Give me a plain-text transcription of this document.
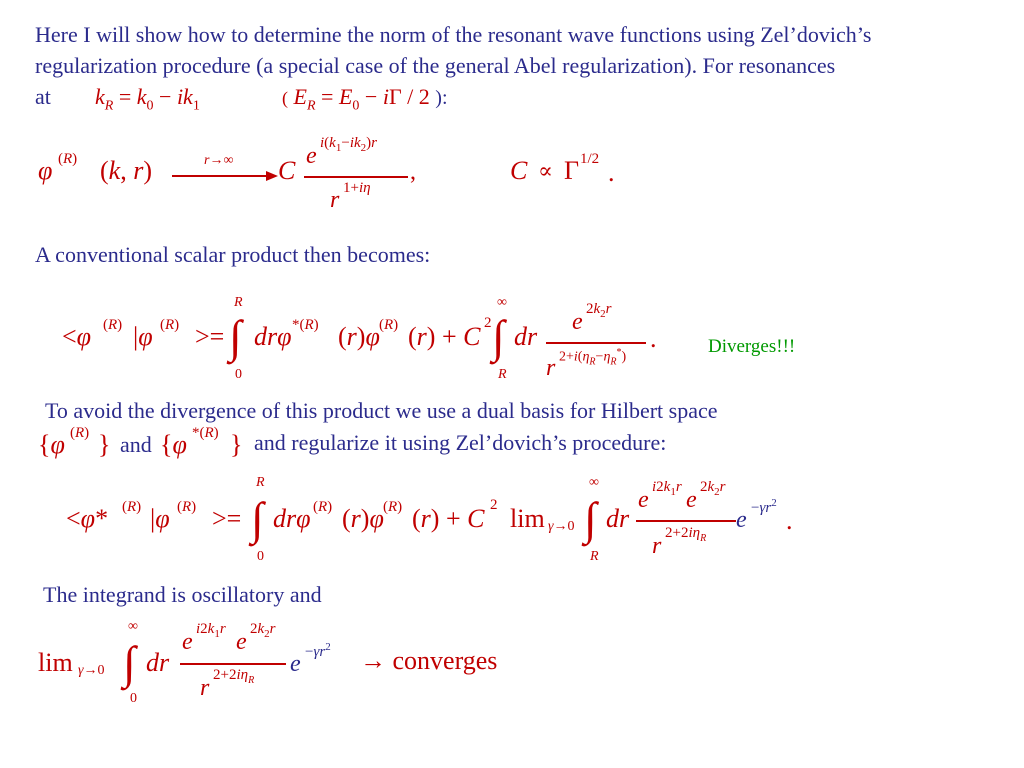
Here I will show how to determine the norm of the resonant wave functions using Zel’dovich’s
regularization procedure (a special case of the general Abel regularization). For resonances
at $k_R = k_0 - ik_1$	( $E_R = E_0 - i\Gamma / 2$ ):
φ (R) (k, r)	r→∞ C e $i(k_1-ik_2)r$
r 1+iη
,	C ∝ Γ 1/2 .
A conventional scalar product then becomes:
<φ (R) |φ (R) >=
R
∫
0
drφ *(R) (r)φ (R) (r) + C 2
∞
∫
R
dr e $2k_2r$
r $2+i(\eta_R-\eta_R^*)$
.	Diverges!!!
To avoid the divergence of this product we use a dual basis for Hilbert space
{φ (R) } and {φ *(R) } and regularize it using Zel’dovich’s procedure:
<φ* (R) |φ (R) >=
R
∫
0
drφ (R) (r)φ (R) (r) + C 2 lim γ→0
∞
∫
R
dr
e $i2k_1r$ e $2k_2r$
r $2+2i\eta_R$
$e -\gamma r^2$
.
The integrand is oscillatory and
lim γ→0
∞
∫
0
dr
e $i2k_1r$ e $2k_2r$
r $2+2i\eta_R$
$e -\gamma r^2$ → converges
